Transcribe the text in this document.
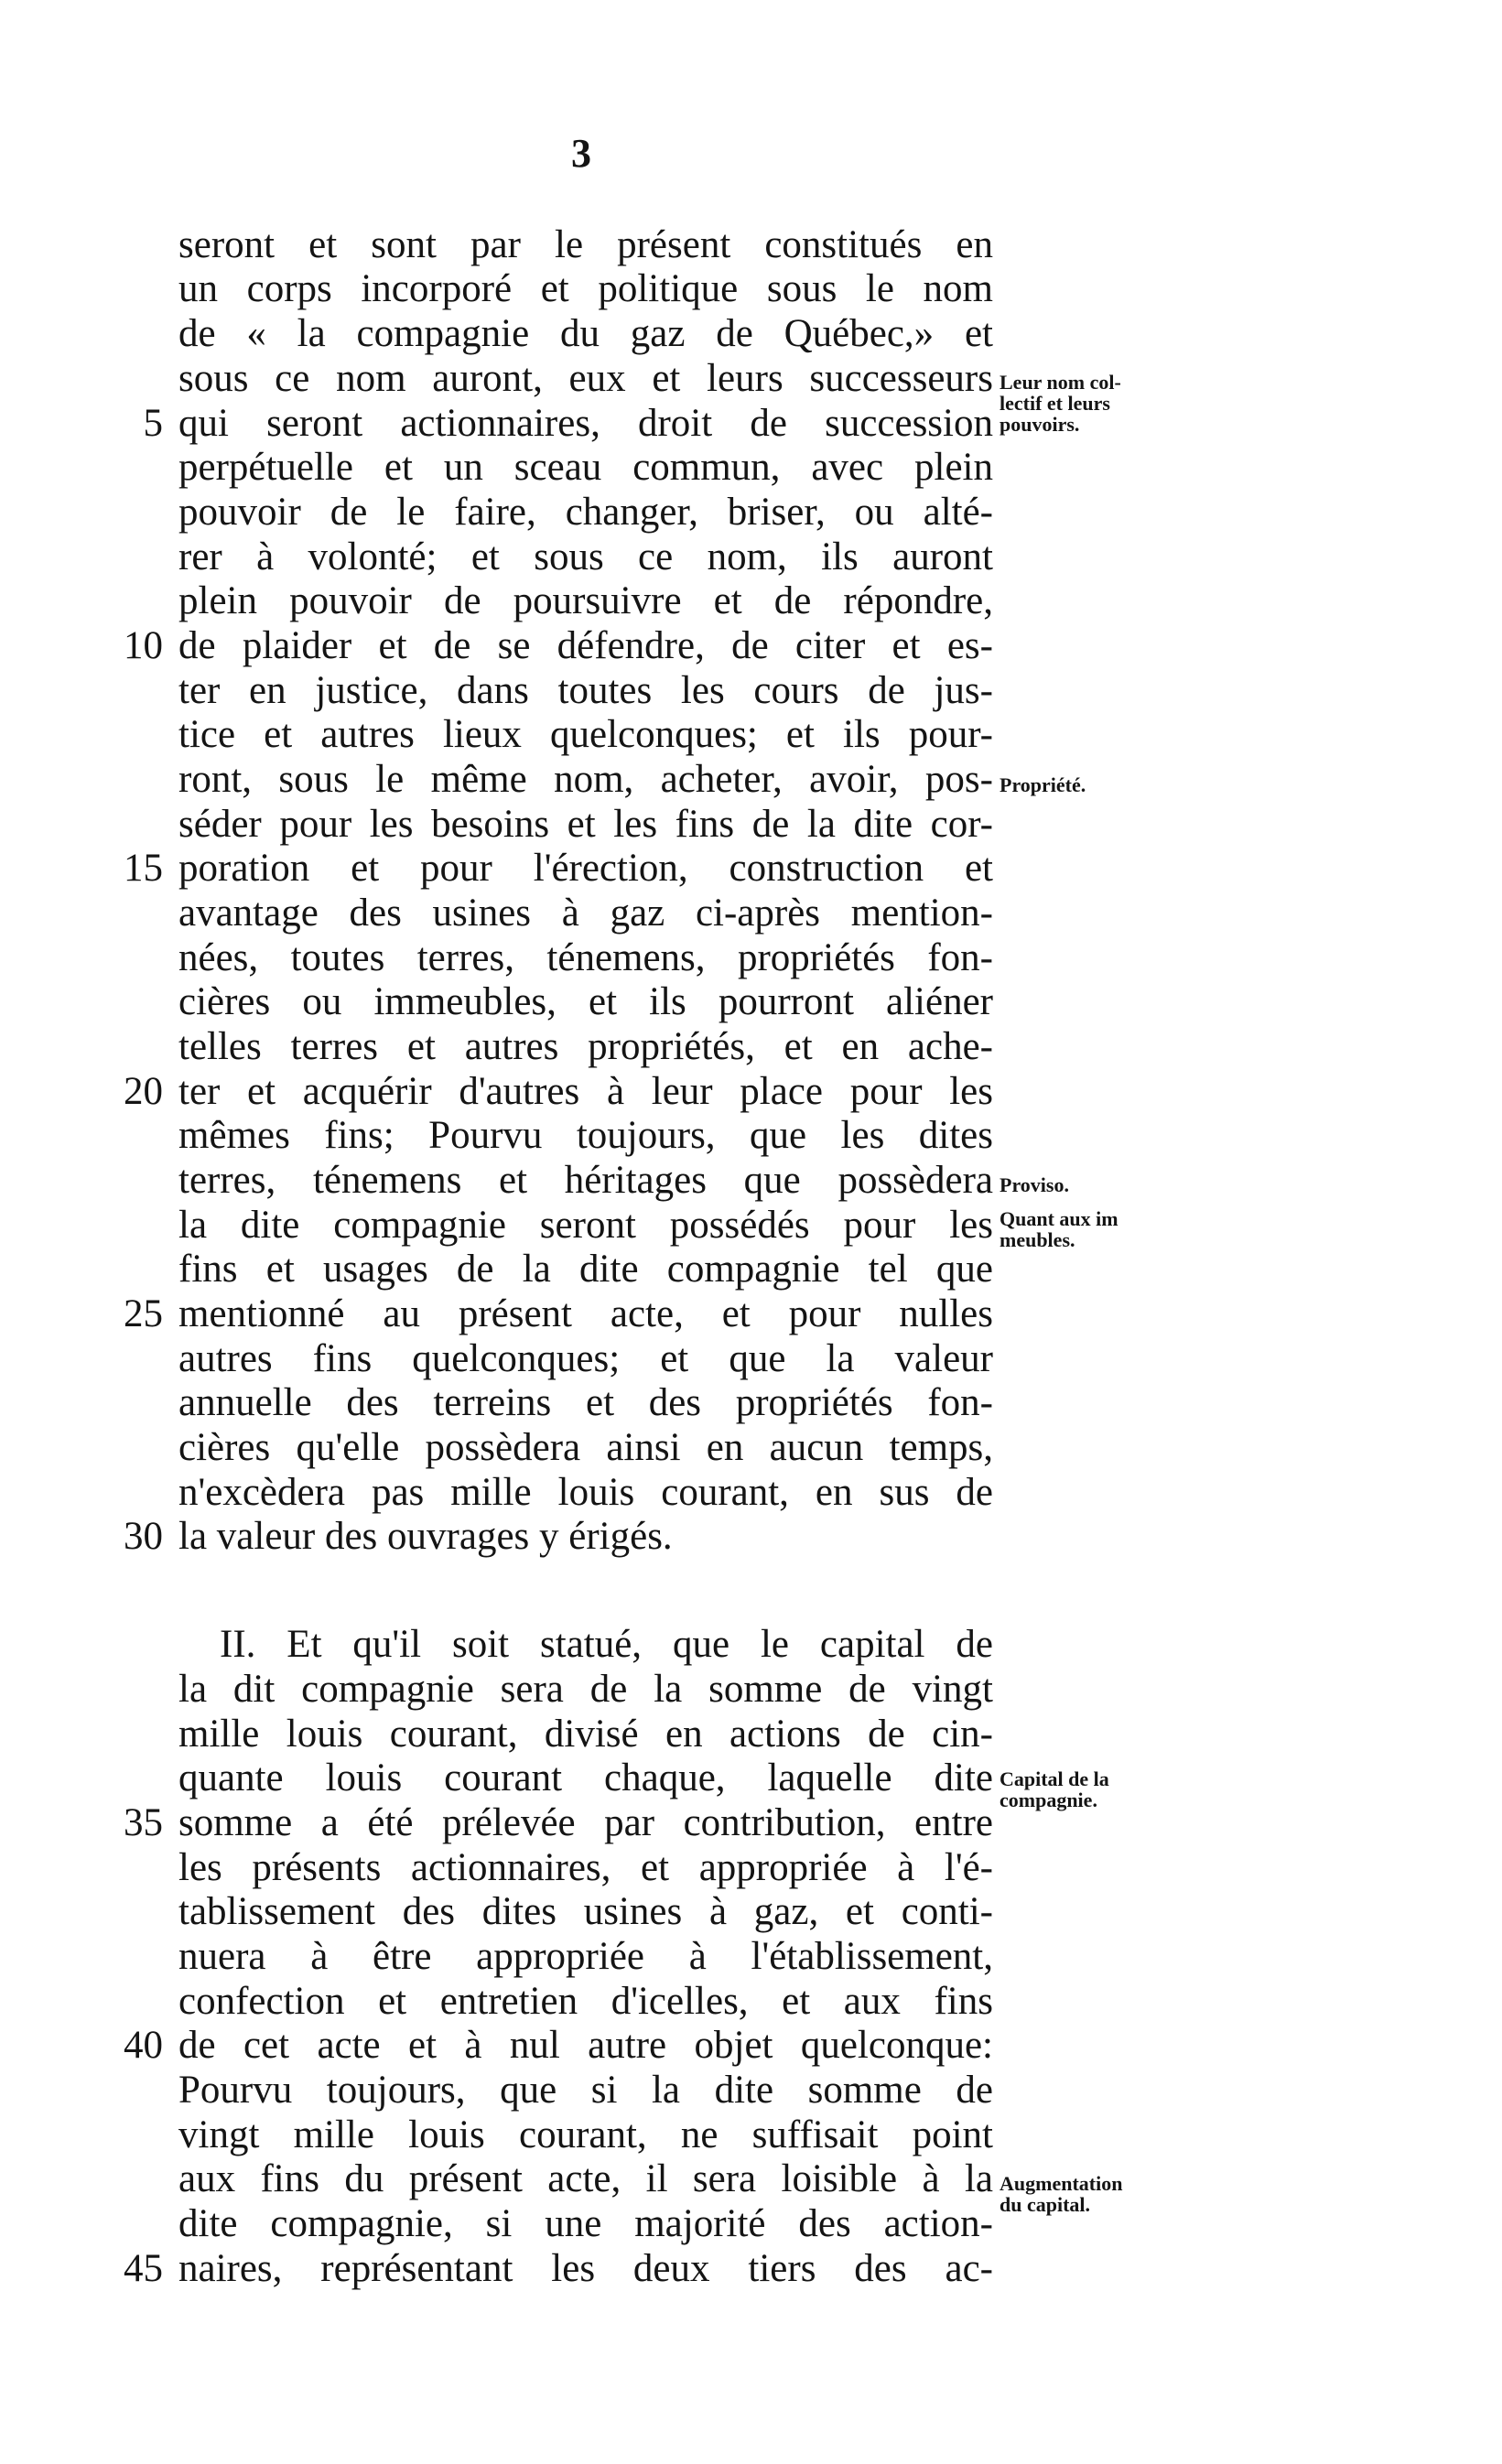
3
seront et sont par le présent constitués en
un corps incorporé et politique sous le nom
de « la compagnie du gaz de Québec,» et
sous ce nom auront, eux et leurs successeurs
qui seront actionnaires, droit de succession
perpétuelle et un sceau commun, avec plein
pouvoir de le faire, changer, briser, ou alté-
rer à volonté; et sous ce nom, ils auront
plein pouvoir de poursuivre et de répondre,
de plaider et de se défendre, de citer et es-
ter en justice, dans toutes les cours de jus-
tice et autres lieux quelconques; et ils pour-
ront, sous le même nom, acheter, avoir, pos-
séder pour les besoins et les fins de la dite cor-
poration et pour l'érection, construction et
avantage des usines à gaz ci-après mention-
nées, toutes terres, ténemens, propriétés fon-
cières ou immeubles, et ils pourront aliéner
telles terres et autres propriétés, et en ache-
ter et acquérir d'autres à leur place pour les
mêmes fins; Pourvu toujours, que les dites
terres, ténemens et héritages que possèdera
la dite compagnie seront possédés pour les
fins et usages de la dite compagnie tel que
mentionné au présent acte, et pour nulles
autres fins quelconques; et que la valeur
annuelle des terreins et des propriétés fon-
cières qu'elle possèdera ainsi en aucun temps,
n'excèdera pas mille louis courant, en sus de
la valeur des ouvrages y érigés.
II. Et qu'il soit statué, que le capital de
la dit compagnie sera de la somme de vingt
mille louis courant, divisé en actions de cin-
quante louis courant chaque, laquelle dite
somme a été prélevée par contribution, entre
les présents actionnaires, et appropriée à l'é-
tablissement des dites usines à gaz, et conti-
nuera à être appropriée à l'établissement,
confection et entretien d'icelles, et aux fins
de cet acte et à nul autre objet quelconque:
Pourvu toujours, que si la dite somme de
vingt mille louis courant, ne suffisait point
aux fins du présent acte, il sera loisible à la
dite compagnie, si une majorité des action-
naires, représentant les deux tiers des ac-
5
10
15
20
25
30
35
40
45
Leur nom col-
lectif et leurs
pouvoirs.
Propriété.
Proviso.
Quant aux im
meubles.
Capital de la
compagnie.
Augmentation
du capital.
